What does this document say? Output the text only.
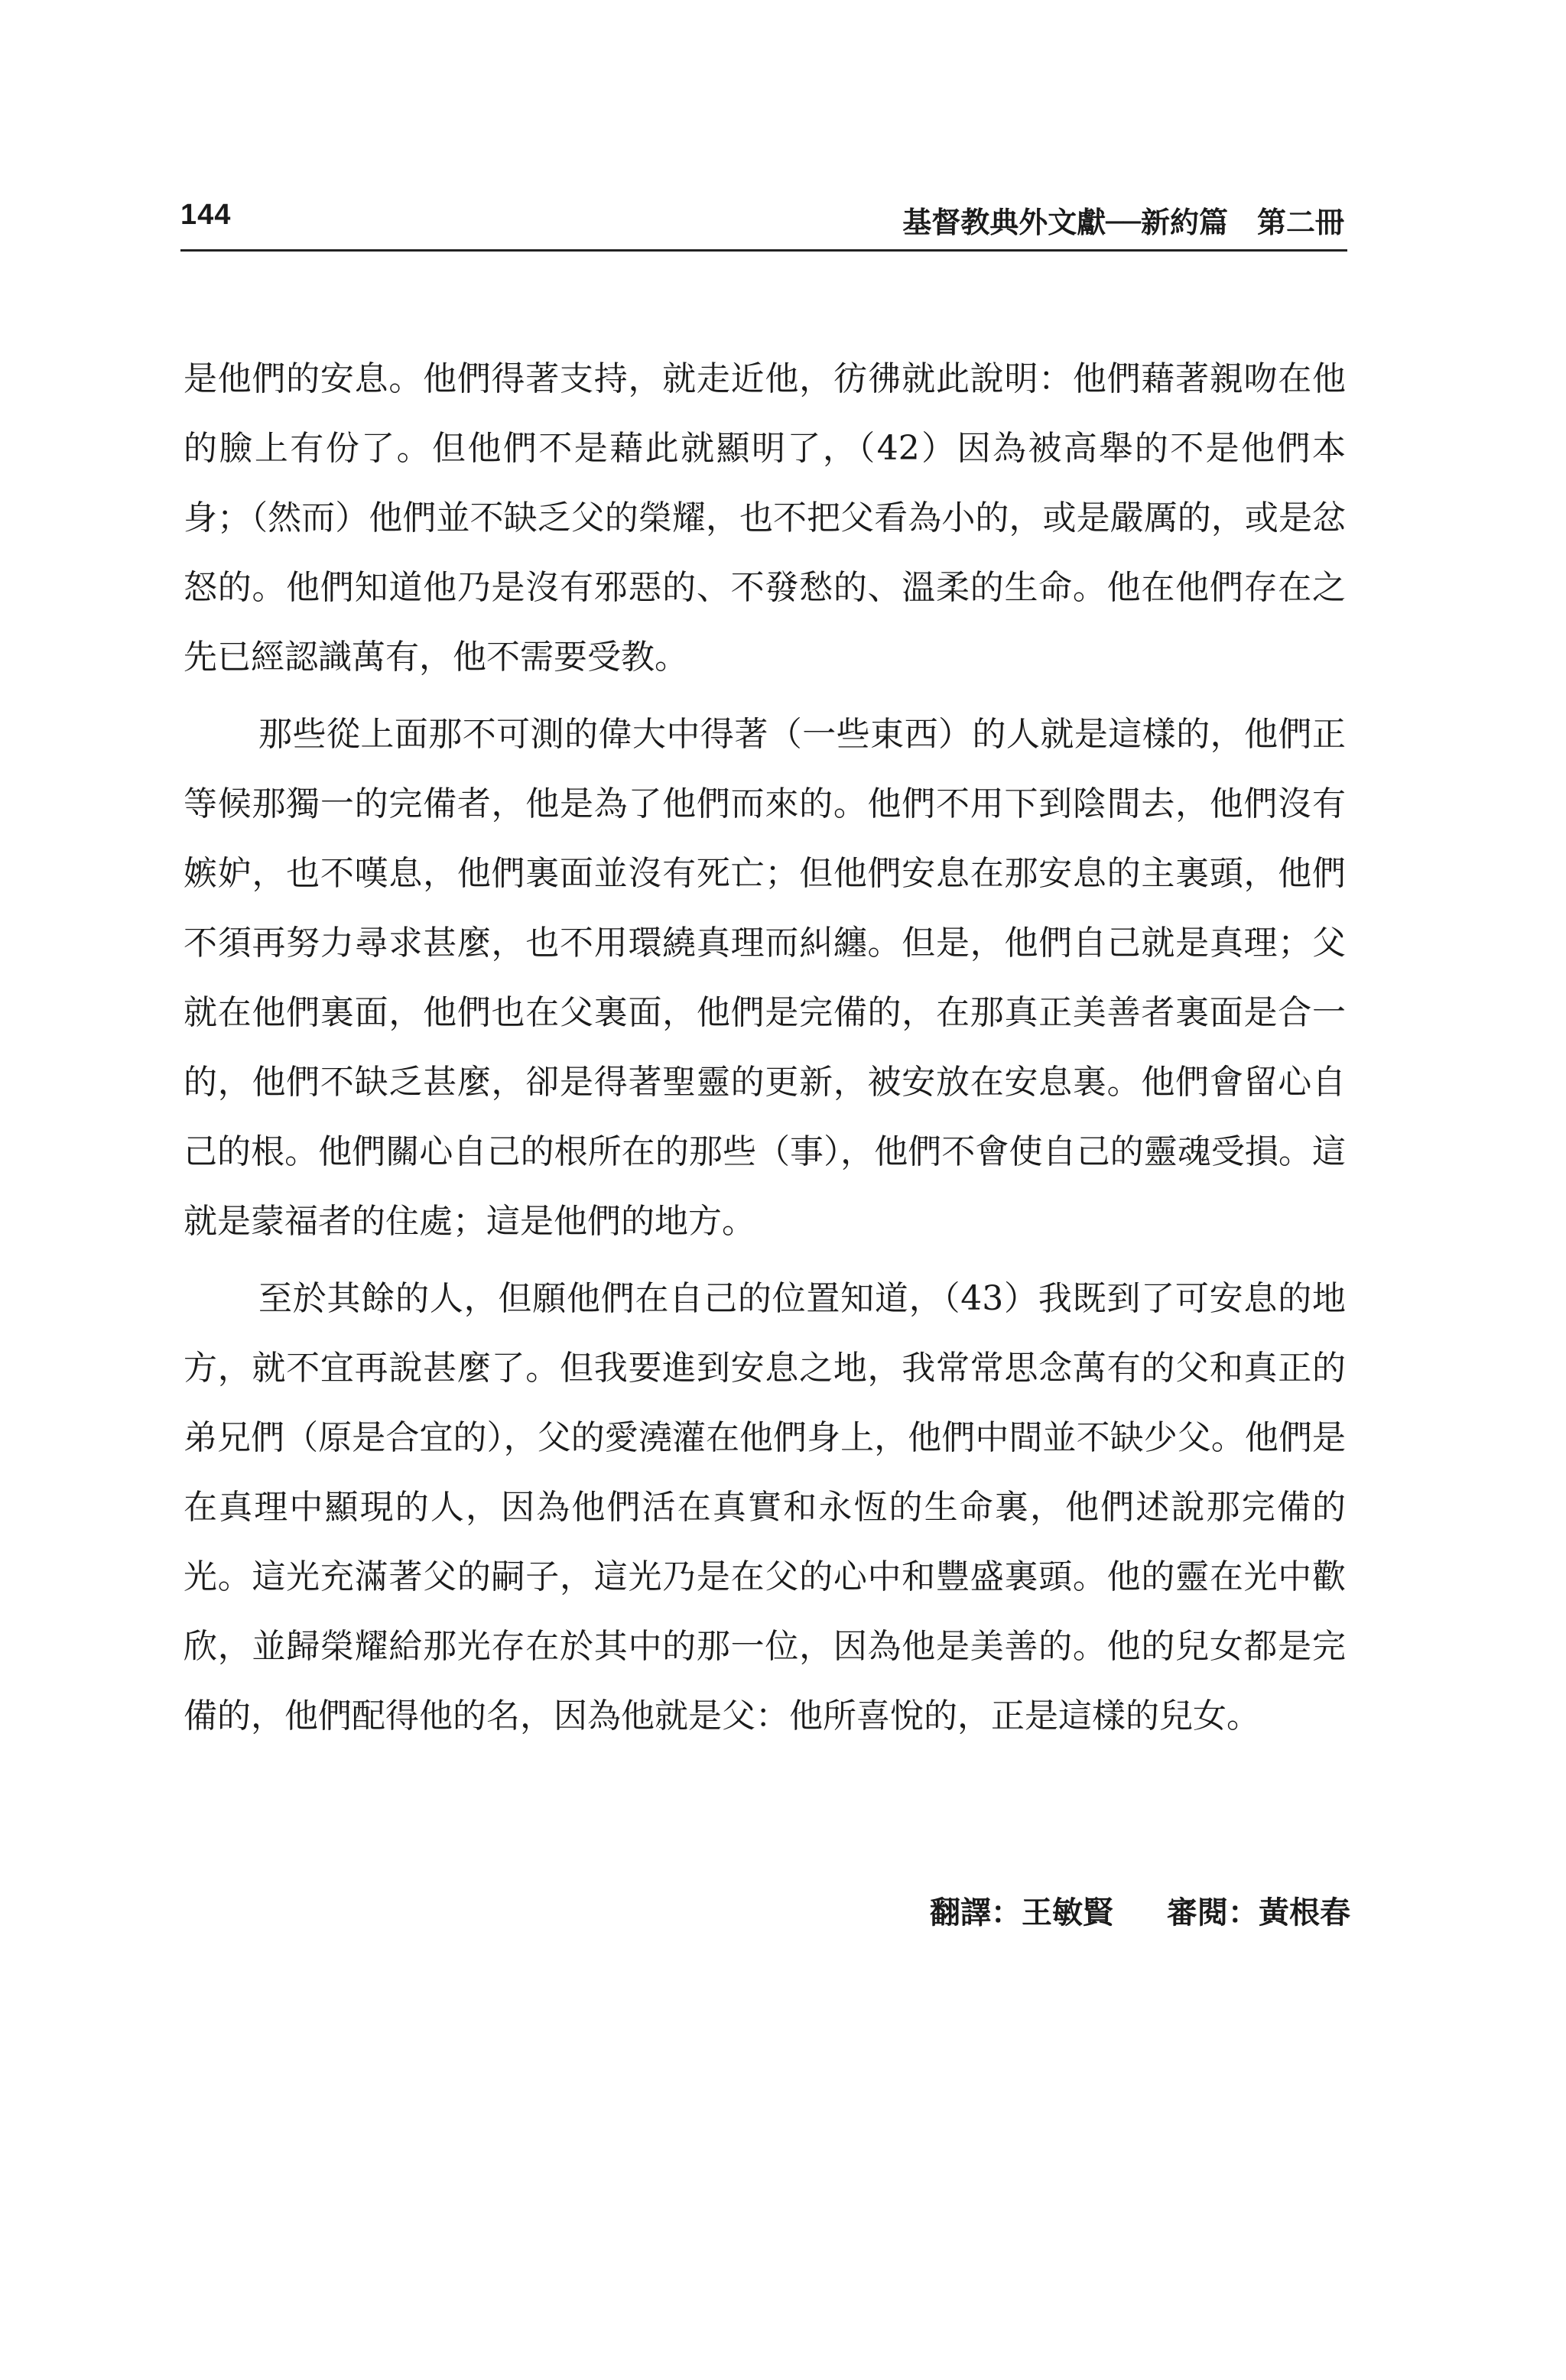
144	基督教典外文獻──新約篇　第二冊

是他們的安息。他們得著支持，就走近他，彷彿就此說明：他們藉著親吻在他的臉上有份了。但他們不是藉此就顯明了，（42）因為被高舉的不是他們本身；（然而）他們並不缺乏父的榮耀，也不把父看為小的，或是嚴厲的，或是忿怒的。他們知道他乃是沒有邪惡的、不發愁的、溫柔的生命。他在他們存在之先已經認識萬有，他不需要受教。

那些從上面那不可測的偉大中得著（一些東西）的人就是這樣的，他們正等候那獨一的完備者，他是為了他們而來的。他們不用下到陰間去，他們沒有嫉妒，也不嘆息，他們裏面並沒有死亡；但他們安息在那安息的主裏頭，他們不須再努力尋求甚麼，也不用環繞真理而糾纏。但是，他們自己就是真理；父就在他們裏面，他們也在父裏面，他們是完備的，在那真正美善者裏面是合一的，他們不缺乏甚麼，卻是得著聖靈的更新，被安放在安息裏。他們會留心自己的根。他們關心自己的根所在的那些（事），他們不會使自己的靈魂受損。這就是蒙福者的住處；這是他們的地方。

至於其餘的人，但願他們在自己的位置知道，（43）我既到了可安息的地方，就不宜再說甚麼了。但我要進到安息之地，我常常思念萬有的父和真正的弟兄們（原是合宜的），父的愛澆灌在他們身上，他們中間並不缺少父。他們是在真理中顯現的人，因為他們活在真實和永恆的生命裏，他們述說那完備的光。這光充滿著父的嗣子，這光乃是在父的心中和豐盛裏頭。他的靈在光中歡欣，並歸榮耀給那光存在於其中的那一位，因為他是美善的。他的兒女都是完備的，他們配得他的名，因為他就是父：他所喜悅的，正是這樣的兒女。

翻譯：王敏賢 審閱：黃根春
